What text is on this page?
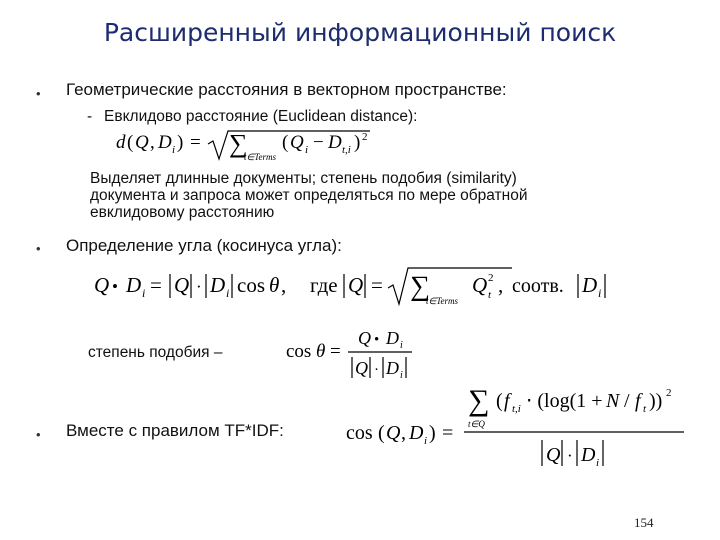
Расширенный информационный поиск
• Геометрические расстояния в векторном пространстве:
- Евклидово расстояние (Euclidean distance):
d ( Q , D i ) = ∑
t∈Terms
( Q i − D t,i ) 2
Выделяет длинные документы; степень подобия (similarity)
документа и запроса может определяться по мере обратной
евклидовому расстоянию
• Определение угла (косинуса угла):
Q • D i = Q · D i cos θ , где Q = ∑
t∈Terms
Q 2
t , соотв. D i
степень подобия –	cos θ =
Q • D i
Q · D i
• Вместе с правилом TF*IDF:	cos ( Q , D i ) =
∑
t∈Q
( f t,i ⋅ (log(1 + N / f t )) 2
Q · D i
154
